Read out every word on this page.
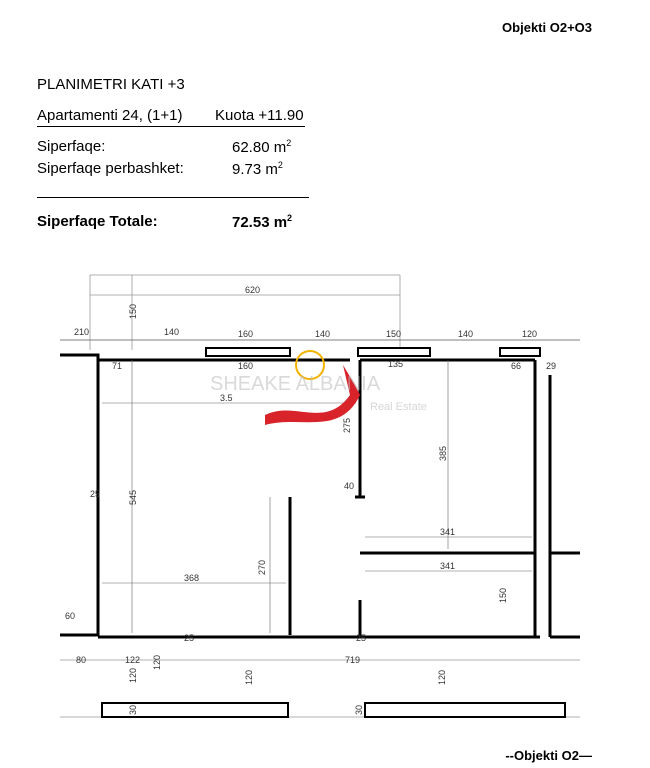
Objekti O2+O3
PLANIMETRI KATI +3
Apartamenti 24, (1+1) Kuota +11.90
Siperfaqe:	62.80 $m^2$
Siperfaqe perbashket:	9.73 $m^2$
Siperfaqe Totale:	72.53 $m^2$
SHEAKE ALBANIA
Real Estate
620
150
210	140	160	140	150	140	120
71	160	135	66	29
545
25
275
385
40
341
341
368
270
150
60
25	25
80	122	719
120	120	120
120
30	30
3.5
--Objekti O2—
